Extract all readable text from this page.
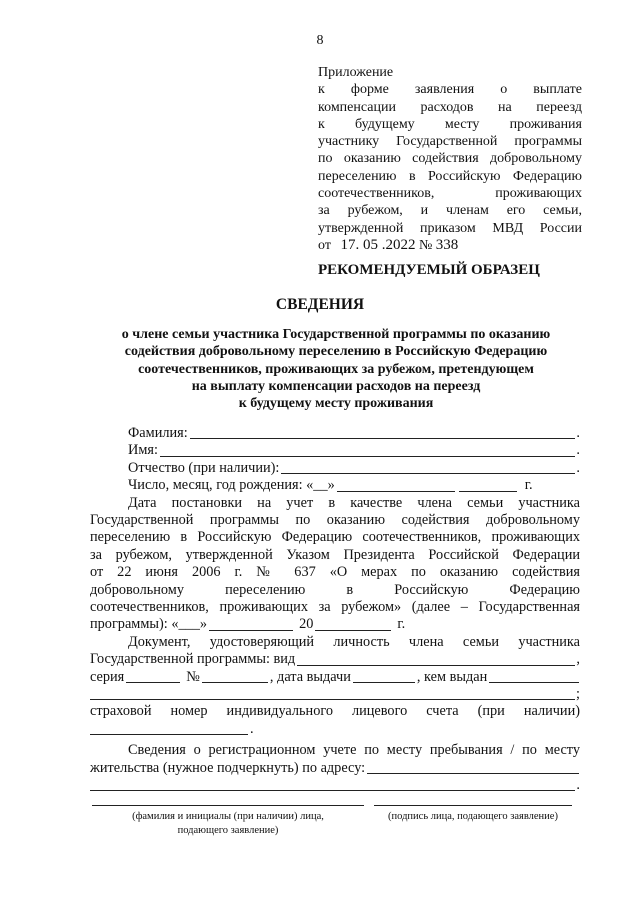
8
Приложение
к форме заявления о выплате
компенсации расходов на переезд
к будущему месту проживания
участнику Государственной программы
по оказанию содействия добровольному
переселению в Российскую Федерацию
соотечественников, проживающих
за рубежом, и членам его семьи,
утвержденной приказом МВД России
от 17. 05 .2022 № 338
РЕКОМЕНДУЕМЫЙ ОБРАЗЕЦ
СВЕДЕНИЯ
о члене семьи участника Государственной программы по оказанию
содействия добровольному переселению в Российскую Федерацию
соотечественников, проживающих за рубежом, претендующем
на выплату компенсации расходов на переезд
к будущему месту проживания
Фамилия:	.
Имя:	.
Отчество (при наличии):	.
Число, месяц, год рождения: «__»	г.
Дата постановки на учет в качестве члена семьи участника
Государственной программы по оказанию содействия добровольному
переселению в Российскую Федерацию соотечественников, проживающих
за рубежом, утвержденной Указом Президента Российской Федерации
от 22 июня 2006 г. № 637 «О мерах по оказанию содействия
добровольному переселению в Российскую Федерацию
соотечественников, проживающих за рубежом» (далее – Государственная
программы): «___»	20	г.
Документ, удостоверяющий личность члена семьи участника
Государственной программы: вид	,
серия	№	, дата выдачи	, кем выдан
;
страховой номер индивидуального лицевого счета (при наличии)
.
Сведения о регистрационном учете по месту пребывания / по месту
жительства (нужное подчеркнуть) по адресу:
.
(фамилия и инициалы (при наличии) лица,
подающего заявление)
(подпись лица, подающего заявление)
